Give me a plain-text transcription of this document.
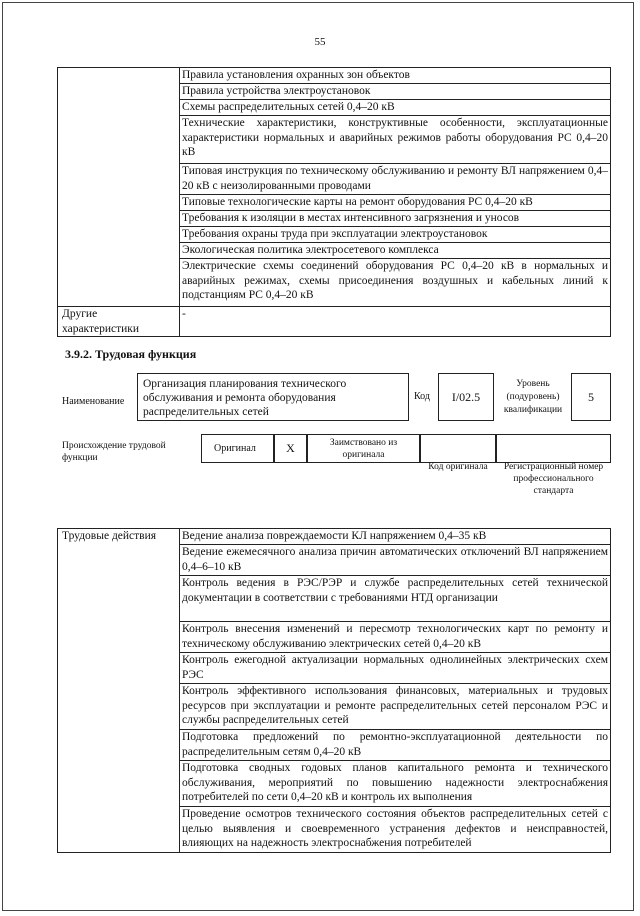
55
	Правила установления охранных зон объектов
	Правила устройства электроустановок
	Схемы распределительных сетей 0,4–20 кВ
	Технические характеристики, конструктивные особенности, эксплуатационные характеристики нормальных и аварийных режимов работы оборудования РС 0,4–20 кВ
	Типовая инструкция по техническому обслуживанию и ремонту ВЛ напряжением 0,4–20 кВ с неизолированными проводами
	Типовые технологические карты на ремонт оборудования РС 0,4–20 кВ
	Требования к изоляции в местах интенсивного загрязнения и уносов
	Требования охраны труда при эксплуатации электроустановок
	Экологическая политика электросетевого комплекса
	Электрические схемы соединений оборудования РС 0,4–20 кВ в нормальных и аварийных режимах, схемы присоединения воздушных и кабельных линий к подстанциям РС 0,4–20 кВ
Другие характеристики	-
3.9.2. Трудовая функция
Наименование
Организация планирования технического обслуживания и ремонта оборудования распределительных сетей
Код	I/02.5
Уровень (подуровень) квалификации
5
Происхождение трудовой функции
Оригинал	X	Заимствовано из оригинала
Код оригинала	Регистрационный номер профессионального стандарта
Трудовые действия	Ведение анализа повреждаемости КЛ напряжением 0,4–35 кВ
Ведение ежемесячного анализа причин автоматических отключений ВЛ напряжением 0,4–6–10 кВ
Контроль ведения в РЭС/РЭР и службе распределительных сетей технической документации в соответствии с требованиями НТД организации
Контроль внесения изменений и пересмотр технологических карт по ремонту и техническому обслуживанию электрических сетей 0,4–20 кВ
Контроль ежегодной актуализации нормальных однолинейных электрических схем РЭС
Контроль эффективного использования финансовых, материальных и трудовых ресурсов при эксплуатации и ремонте распределительных сетей персоналом РЭС и службы распределительных сетей
Подготовка предложений по ремонтно-эксплуатационной деятельности по распределительным сетям 0,4–20 кВ
Подготовка сводных годовых планов капитального ремонта и технического обслуживания, мероприятий по повышению надежности электроснабжения потребителей по сети 0,4–20 кВ и контроль их выполнения
Проведение осмотров технического состояния объектов распределительных сетей с целью выявления и своевременного устранения дефектов и неисправностей, влияющих на надежность электроснабжения потребителей
